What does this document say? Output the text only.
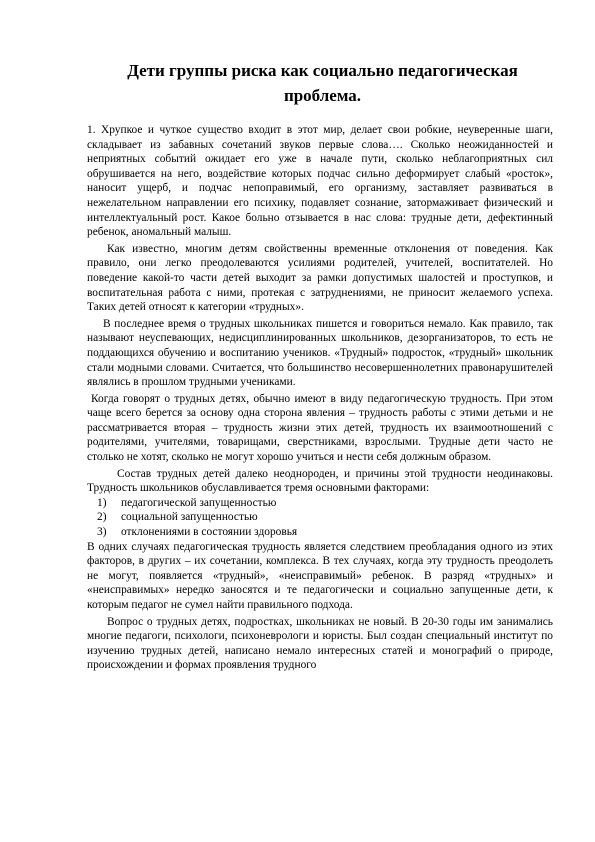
Дети группы риска как социально педагогическая
проблема.

1. Хрупкое и чуткое существо входит в этот мир, делает свои робкие, неуверенные шаги, складывает из забавных сочетаний звуков первые слова…. Сколько неожиданностей и неприятных событий ожидает его уже в начале пути, сколько неблагоприятных сил обрушивается на него, воздействие которых подчас сильно деформирует слабый «росток», наносит ущерб, и подчас непоправимый, его организму, заставляет развиваться в нежелательном направлении его психику, подавляет сознание, затормаживает физический и интеллектуальный рост. Какое больно отзывается в нас слова: трудные дети, дефектинный ребенок, аномальный малыш.

Как известно, многим детям свойственны временные отклонения от поведения. Как правило, они легко преодолеваются усилиями родителей, учителей, воспитателей. Но поведение какой-то части детей выходит за рамки допустимых шалостей и проступков, и воспитательная работа с ними, протекая с затруднениями, не приносит желаемого успеха. Таких детей относят к категории «трудных».

В последнее время о трудных школьниках пишется и говориться немало. Как правило, так называют неуспевающих, недисциплинированных школьников, дезорганизаторов, то есть не поддающихся обучению и воспитанию учеников. «Трудный» подросток, «трудный» школьник стали модными словами. Считается, что большинство несовершеннолетних правонарушителей являлись в прошлом трудными учениками.

Когда говорят о трудных детях, обычно имеют в виду педагогическую трудность. При этом чаще всего берется за основу одна сторона явления – трудность работы с этими детьми и не рассматривается вторая – трудность жизни этих детей, трудность их взаимоотношений с родителями, учителями, товарищами, сверстниками, взрослыми. Трудные дети часто не столько не хотят, сколько не могут хорошо учиться и нести себя должным образом.

Состав трудных детей далеко неоднороден, и причины этой трудности неодинаковы. Трудность школьников обуславливается тремя основными факторами:

1) педагогической запущенностью
2) социальной запущенностью
3) отклонениями в состоянии здоровья

В одних случаях педагогическая трудность является следствием преобладания одного из этих факторов, в других – их сочетании, комплекса. В тех случаях, когда эту трудность преодолеть не могут, появляется «трудный», «неисправимый» ребенок. В разряд «трудных» и «неисправимых» нередко заносятся и те педагогически и социально запущенные дети, к которым педагог не сумел найти правильного подхода.

Вопрос о трудных детях, подростках, школьниках не новый. В 20-30 годы им занимались многие педагоги, психологи, психоневрологи и юристы. Был создан специальный институт по изучению трудных детей, написано немало интересных статей и монографий о природе, происхождении и формах проявления трудного
